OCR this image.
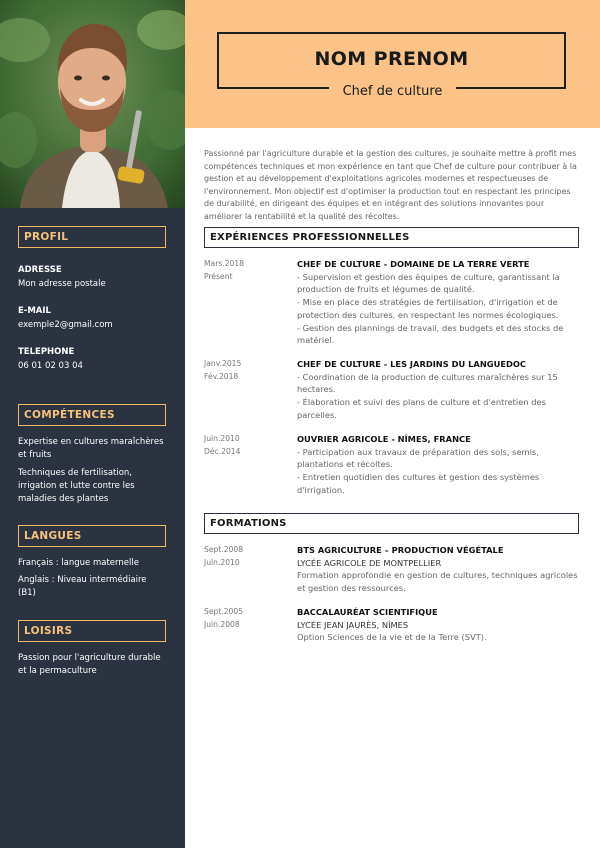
PROFIL
ADRESSE
Mon adresse postale
E-MAIL
exemple2@gmail.com
TELEPHONE
06 01 02 03 04
COMPÉTENCES
Expertise en cultures maraîchères et fruits
Techniques de fertilisation, irrigation et lutte contre les maladies des plantes
LANGUES
Français : langue maternelle
Anglais : Niveau intermédiaire (B1)
LOISIRS
Passion pour l'agriculture durable et la permaculture
NOM PRENOM
Chef de culture
Passionné par l'agriculture durable et la gestion des cultures, je souhaite mettre à profit mes compétences techniques et mon expérience en tant que Chef de culture pour contribuer à la gestion et au développement d'exploitations agricoles modernes et respectueuses de l'environnement. Mon objectif est d'optimiser la production tout en respectant les principes de durabilité, en dirigeant des équipes et en intégrant des solutions innovantes pour améliorer la rentabilité et la qualité des récoltes.
EXPÉRIENCES PROFESSIONNELLES
Mars.2018
Présent
CHEF DE CULTURE - DOMAINE DE LA TERRE VERTE
- Supervision et gestion des équipes de culture, garantissant la
production de fruits et légumes de qualité.
- Mise en place des stratégies de fertilisation, d'irrigation et de
protection des cultures, en respectant les normes écologiques.
- Gestion des plannings de travail, des budgets et des stocks de
matériel.
Janv.2015
Fév.2018
CHEF DE CULTURE - LES JARDINS DU LANGUEDOC
- Coordination de la production de cultures maraîchères sur 15
hectares.
- Élaboration et suivi des plans de culture et d'entretien des
parcelles.
Juin.2010
Déc.2014
OUVRIER AGRICOLE - NÎMES, FRANCE
- Participation aux travaux de préparation des sols, semis,
plantations et récoltes.
- Entretien quotidien des cultures et gestion des systèmes
d'irrigation.
FORMATIONS
Sept.2008
Juin.2010
BTS AGRICULTURE – PRODUCTION VÉGÉTALE
LYCÉE AGRICOLE DE MONTPELLIER
Formation approfondie en gestion de cultures, techniques agricoles
et gestion des ressources.
Sept.2005
Juin.2008
BACCALAURÉAT SCIENTIFIQUE
LYCÉE JEAN JAURÈS, NÎMES
Option Sciences de la vie et de la Terre (SVT).
